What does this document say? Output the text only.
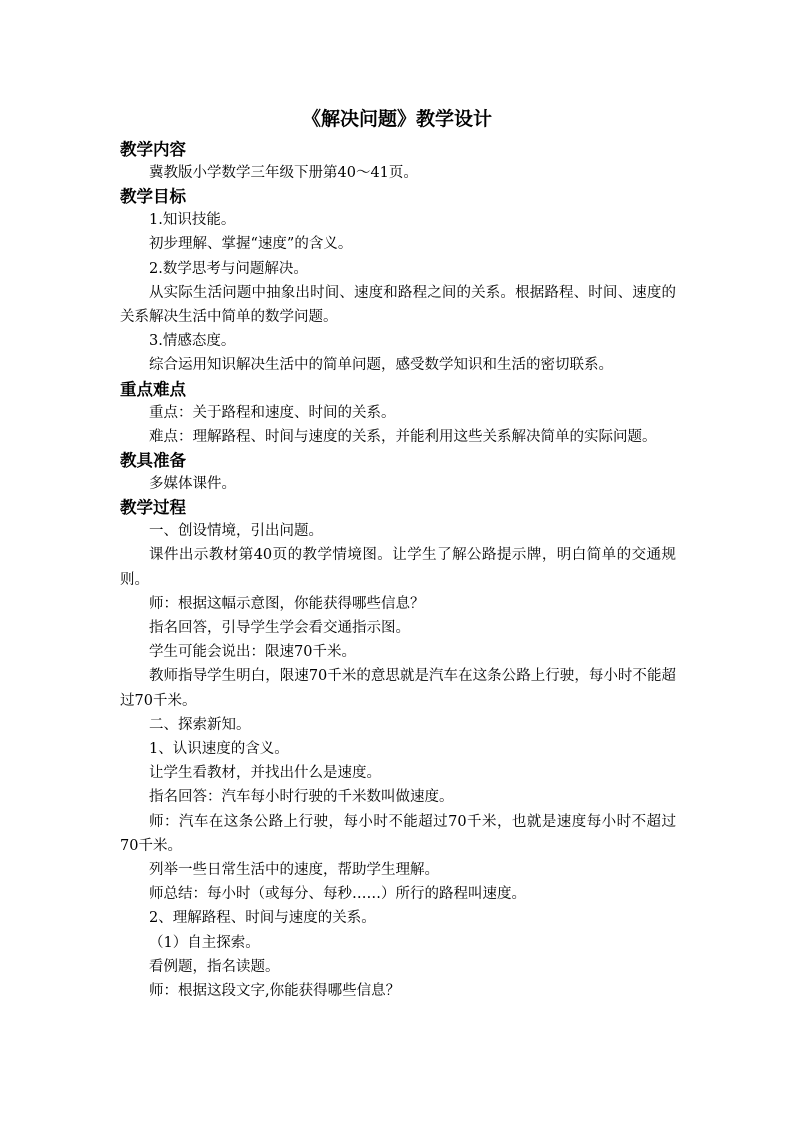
《解决问题》教学设计
教学内容

冀教版小学数学三年级下册第40～41页。

教学目标

1.知识技能。

初步理解、掌握“速度”的含义。

2.数学思考与问题解决。

从实际生活问题中抽象出时间、速度和路程之间的关系。根据路程、时间、速度的关系解决生活中简单的数学问题。

3.情感态度。

综合运用知识解决生活中的简单问题，感受数学知识和生活的密切联系。

重点难点

重点：关于路程和速度、时间的关系。

难点：理解路程、时间与速度的关系，并能利用这些关系解决简单的实际问题。

教具准备

多媒体课件。

教学过程

一、创设情境，引出问题。

课件出示教材第40页的教学情境图。让学生了解公路提示牌，明白简单的交通规则。

师：根据这幅示意图，你能获得哪些信息？

指名回答，引导学生学会看交通指示图。

学生可能会说出：限速70千米。

教师指导学生明白，限速70千米的意思就是汽车在这条公路上行驶，每小时不能超过70千米。

二、探索新知。

1、认识速度的含义。

让学生看教材，并找出什么是速度。

指名回答：汽车每小时行驶的千米数叫做速度。

师：汽车在这条公路上行驶，每小时不能超过70千米，也就是速度每小时不超过70千米。

列举一些日常生活中的速度，帮助学生理解。

师总结：每小时（或每分、每秒……）所行的路程叫速度。

2、理解路程、时间与速度的关系。

（1）自主探索。

看例题，指名读题。

师：根据这段文字,你能获得哪些信息？
